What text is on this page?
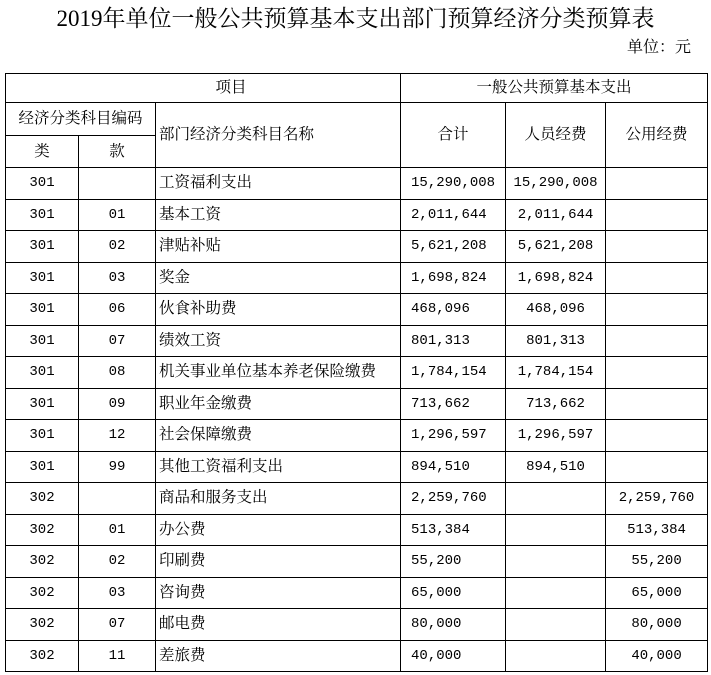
2019年单位一般公共预算基本支出部门预算经济分类预算表
单位：元
项目			一般公共预算基本支出		
经济分类科目编码		部门经济分类科目名称	合计	人员经费	公用经费
类	款				
301		工资福利支出	15,290,008	15,290,008	
301	01	基本工资	2,011,644	2,011,644	
301	02	津贴补贴	5,621,208	5,621,208	
301	03	奖金	1,698,824	1,698,824	
301	06	伙食补助费	468,096	468,096	
301	07	绩效工资	801,313	801,313	
301	08	机关事业单位基本养老保险缴费	1,784,154	1,784,154	
301	09	职业年金缴费	713,662	713,662	
301	12	社会保障缴费	1,296,597	1,296,597	
301	99	其他工资福利支出	894,510	894,510	
302		商品和服务支出	2,259,760		2,259,760
302	01	办公费	513,384		513,384
302	02	印刷费	55,200		55,200
302	03	咨询费	65,000		65,000
302	07	邮电费	80,000		80,000
302	11	差旅费	40,000		40,000
